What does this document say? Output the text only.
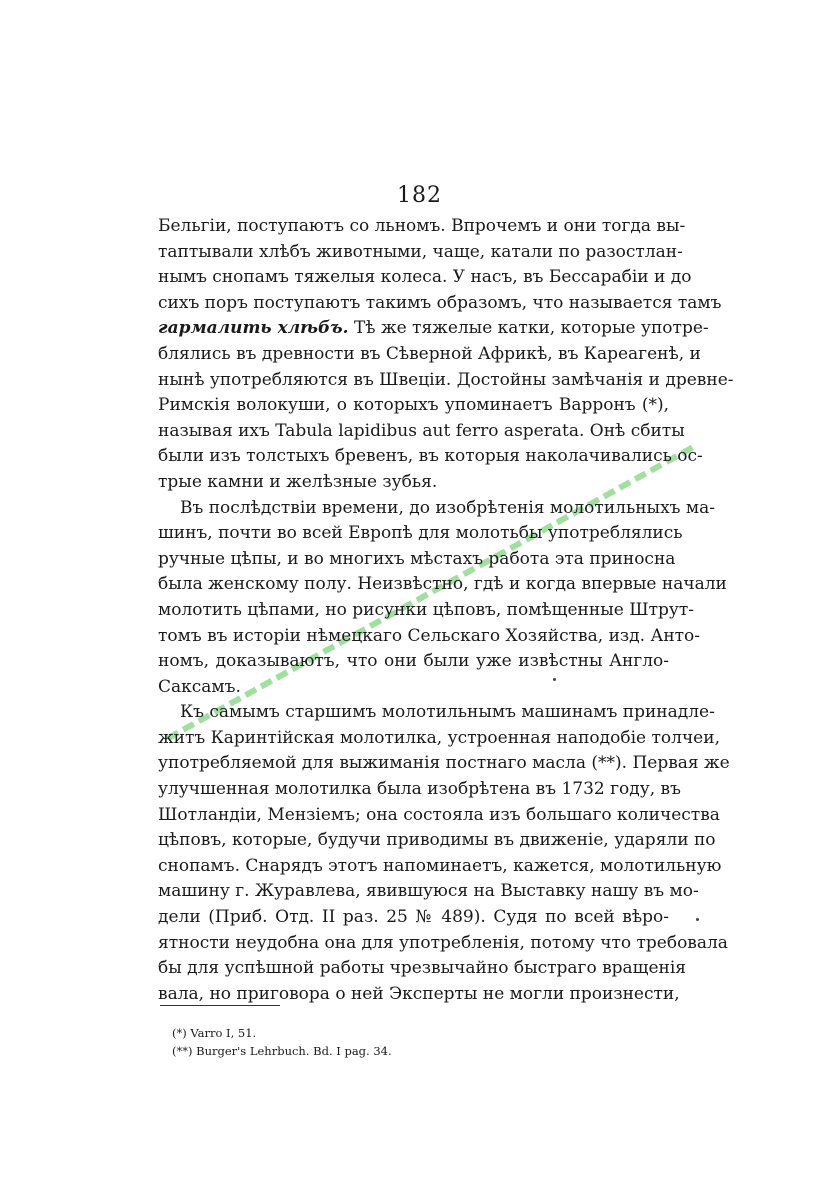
182
Бельгіи, поступаютъ со льномъ. Впрочемъ и они тогда вы-
таптывали хлѣбъ животными, чаще, катали по разостлан-
нымъ снопамъ тяжелыя колеса. У насъ, въ Бессарабіи и до
сихъ поръ поступаютъ такимъ образомъ, что называется тамъ
гармалить хлѣбъ. Тѣ же тяжелые катки, которые употре-
блялись въ древности въ Сѣверной Африкѣ, въ Кареагенѣ, и
нынѣ употребляются въ Швеціи. Достойны замѣчанія и древне-
Римскія волокуши, о которыхъ упоминаетъ Варронъ (*),
называя ихъ Tabula lapidibus aut ferro asperata. Онѣ сбиты
были изъ толстыхъ бревенъ, въ которыя наколачивались ос-
трые камни и желѣзные зубья.
Въ послѣдствіи времени, до изобрѣтенія молотильныхъ ма-
шинъ, почти во всей Европѣ для молотьбы употреблялись
ручные цѣпы, и во многихъ мѣстахъ работа эта приносна
была женскому полу. Неизвѣстно, гдѣ и когда впервые начали
молотить цѣпами, но рисунки цѣповъ, помѣщенные Штрут-
томъ въ исторіи нѣмецкаго Сельскаго Хозяйства, изд. Анто-
номъ, доказываютъ, что они были уже извѣстны Англо-
Саксамъ.
Къ самымъ старшимъ молотильнымъ машинамъ принадле-
житъ Каринтійская молотилка, устроенная наподобіе толчеи,
употребляемой для выжиманія постнаго масла (**). Первая же
улучшенная молотилка была изобрѣтена въ 1732 году, въ
Шотландіи, Мензіемъ; она состояла изъ большаго количества
цѣповъ, которые, будучи приводимы въ движеніе, ударяли по
снопамъ. Снарядъ этотъ напоминаетъ, кажется, молотильную
машину г. Журавлева, явившуюся на Выставку нашу въ мо-
дели (Приб. Отд. II раз. 25 № 489). Судя по всей вѣро-
ятности неудобна она для употребленія, потому что требовала
бы для успѣшной работы чрезвычайно быстраго вращенія
вала, но приговора о ней Эксперты не могли произнести,
(*) Varro I, 51.
(**) Burger's Lehrbuch. Bd. I pag. 34.
